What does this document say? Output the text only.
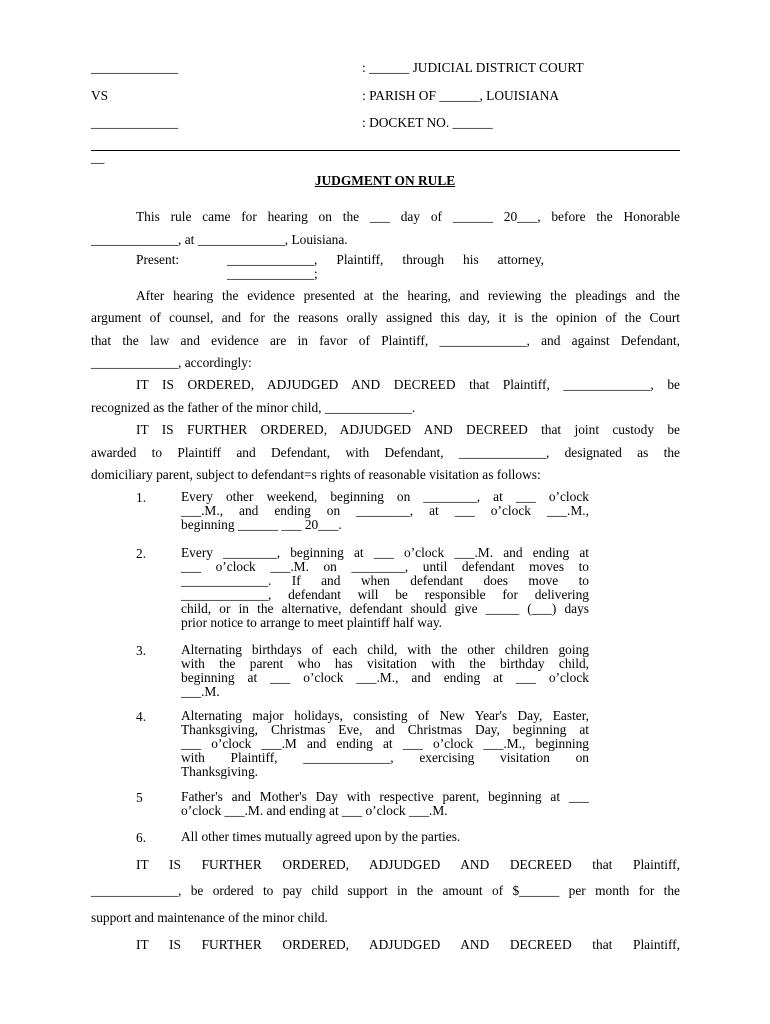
_____________	: ______ JUDICIAL DISTRICT COURT
VS	: PARISH OF ______, LOUISIANA
_____________	: DOCKET NO. ______
__
JUDGMENT ON RULE
This rule came for hearing on the ___ day of ______ 20___, before the Honorable
_____________, at _____________, Louisiana.
Present:	_____________, Plaintiff, through his attorney,
_____________;
After hearing the evidence presented at the hearing, and reviewing the pleadings and the
argument of counsel, and for the reasons orally assigned this day, it is the opinion of the Court
that the law and evidence are in favor of Plaintiff, _____________, and against Defendant,
_____________, accordingly:
IT IS ORDERED, ADJUDGED AND DECREED that Plaintiff, _____________, be
recognized as the father of the minor child, _____________.
IT IS FURTHER ORDERED, ADJUDGED AND DECREED that joint custody be
awarded to Plaintiff and Defendant, with Defendant, _____________, designated as the
domiciliary parent, subject to defendant=s rights of reasonable visitation as follows:
1.	Every other weekend, beginning on ________, at ___ o’clock
___.M., and ending on ________, at ___ o’clock ___.M.,
beginning ______ ___ 20___.
2.	Every ________, beginning at ___ o’clock ___.M. and ending at
___ o’clock ___.M. on ________, until defendant moves to
_____________. If and when defendant does move to
_____________, defendant will be responsible for delivering
child, or in the alternative, defendant should give _____ (___) days
prior notice to arrange to meet plaintiff half way.
3.	Alternating birthdays of each child, with the other children going
with the parent who has visitation with the birthday child,
beginning at ___ o’clock ___.M., and ending at ___ o’clock
___.M.
4.	Alternating major holidays, consisting of New Year's Day, Easter,
Thanksgiving, Christmas Eve, and Christmas Day, beginning at
___ o’clock ___.M and ending at ___ o’clock ___.M., beginning
with Plaintiff, _____________, exercising visitation on
Thanksgiving.
5	Father's and Mother's Day with respective parent, beginning at ___
o’clock ___.M. and ending at ___ o’clock ___.M.
6.	All other times mutually agreed upon by the parties.
IT IS FURTHER ORDERED, ADJUDGED AND DECREED that Plaintiff,
_____________, be ordered to pay child support in the amount of $______ per month for the
support and maintenance of the minor child.
IT IS FURTHER ORDERED, ADJUDGED AND DECREED that Plaintiff,
